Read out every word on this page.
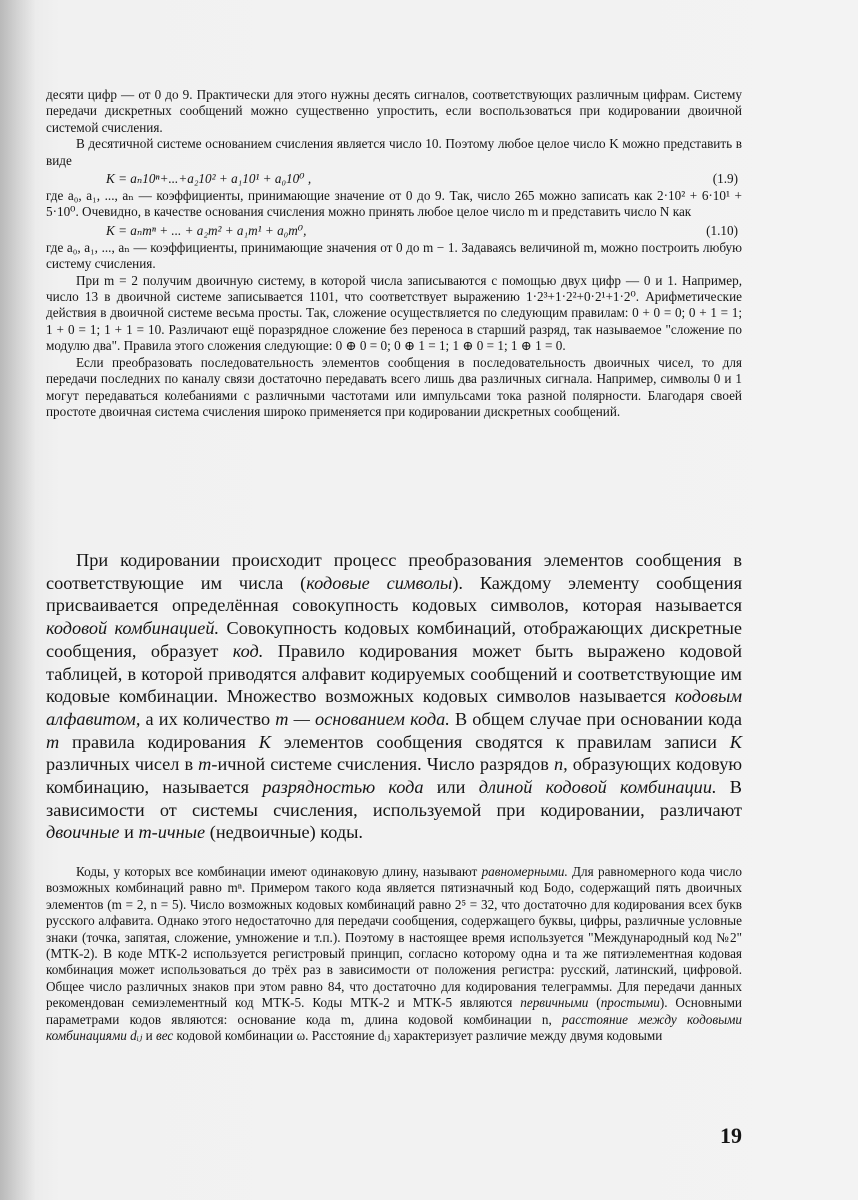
десяти цифр — от 0 до 9. Практически для этого нужны десять сигналов, соответствующих различным цифрам. Систему передачи дискретных сообщений можно существенно упростить, если воспользоваться при кодировании двоичной системой счисления.

В десятичной системе основанием счисления является число 10. Поэтому любое целое число K можно представить в виде

K = aₙ10ⁿ+...+a₂10² + a₁10¹ + a₀10⁰ ,	(1.9)

где a₀, a₁, ..., aₙ — коэффициенты, принимающие значение от 0 до 9. Так, число 265 можно записать как 2·10² + 6·10¹ + 5·10⁰. Очевидно, в качестве основания счисления можно принять любое целое число m и представить число N как

K = aₙmⁿ + ... + a₂m² + a₁m¹ + a₀m⁰,	(1.10)

где a₀, a₁, ..., aₙ — коэффициенты, принимающие значения от 0 до m − 1. Задаваясь величиной m, можно построить любую систему счисления.

При m = 2 получим двоичную систему, в которой числа записываются с помощью двух цифр — 0 и 1. Например, число 13 в двоичной системе записывается 1101, что соответствует выражению 1·2³+1·2²+0·2¹+1·2⁰. Арифметические действия в двоичной системе весьма просты. Так, сложение осуществляется по следующим правилам: 0 + 0 = 0; 0 + 1 = 1; 1 + 0 = 1; 1 + 1 = 10. Различают ещё поразрядное сложение без переноса в старший разряд, так называемое "сложение по модулю два". Правила этого сложения следующие: 0 ⊕ 0 = 0; 0 ⊕ 1 = 1; 1 ⊕ 0 = 1; 1 ⊕ 1 = 0.

Если преобразовать последовательность элементов сообщения в последовательность двоичных чисел, то для передачи последних по каналу связи достаточно передавать всего лишь два различных сигнала. Например, символы 0 и 1 могут передаваться колебаниями с различными частотами или импульсами тока разной полярности. Благодаря своей простоте двоичная система счисления широко применяется при кодировании дискретных сообщений.

При кодировании происходит процесс преобразования элементов сообщения в соответствующие им числа (кодовые символы). Каждому элементу сообщения присваивается определённая совокупность кодовых символов, которая называется кодовой комбинацией. Совокупность кодовых комбинаций, отображающих дискретные сообщения, образует код. Правило кодирования может быть выражено кодовой таблицей, в которой приводятся алфавит кодируемых сообщений и соответствующие им кодовые комбинации. Множество возможных кодовых символов называется кодовым алфавитом, а их количество m — основанием кода. В общем случае при основании кода m правила кодирования K элементов сообщения сводятся к правилам записи K различных чисел в m-ичной системе счисления. Число разрядов n, образующих кодовую комбинацию, называется разрядностью кода или длиной кодовой комбинации. В зависимости от системы счисления, используемой при кодировании, различают двоичные и m-ичные (недвоичные) коды.

Коды, у которых все комбинации имеют одинаковую длину, называют равномерными. Для равномерного кода число возможных комбинаций равно mⁿ. Примером такого кода является пятизначный код Бодо, содержащий пять двоичных элементов (m = 2, n = 5). Число возможных кодовых комбинаций равно 2⁵ = 32, что достаточно для кодирования всех букв русского алфавита. Однако этого недостаточно для передачи сообщения, содержащего буквы, цифры, различные условные знаки (точка, запятая, сложение, умножение и т.п.). Поэтому в настоящее время используется "Международный код №2" (МТК-2). В коде МТК-2 используется регистровый принцип, согласно которому одна и та же пятиэлементная кодовая комбинация может использоваться до трёх раз в зависимости от положения регистра: русский, латинский, цифровой. Общее число различных знаков при этом равно 84, что достаточно для кодирования телеграммы. Для передачи данных рекомендован семиэлементный код МТК-5. Коды МТК-2 и МТК-5 являются первичными (простыми). Основными параметрами кодов являются: основание кода m, длина кодовой комбинации n, расстояние между кодовыми комбинациями dᵢⱼ и вес кодовой комбинации ω. Расстояние dᵢⱼ характеризует различие между двумя кодовыми

19
